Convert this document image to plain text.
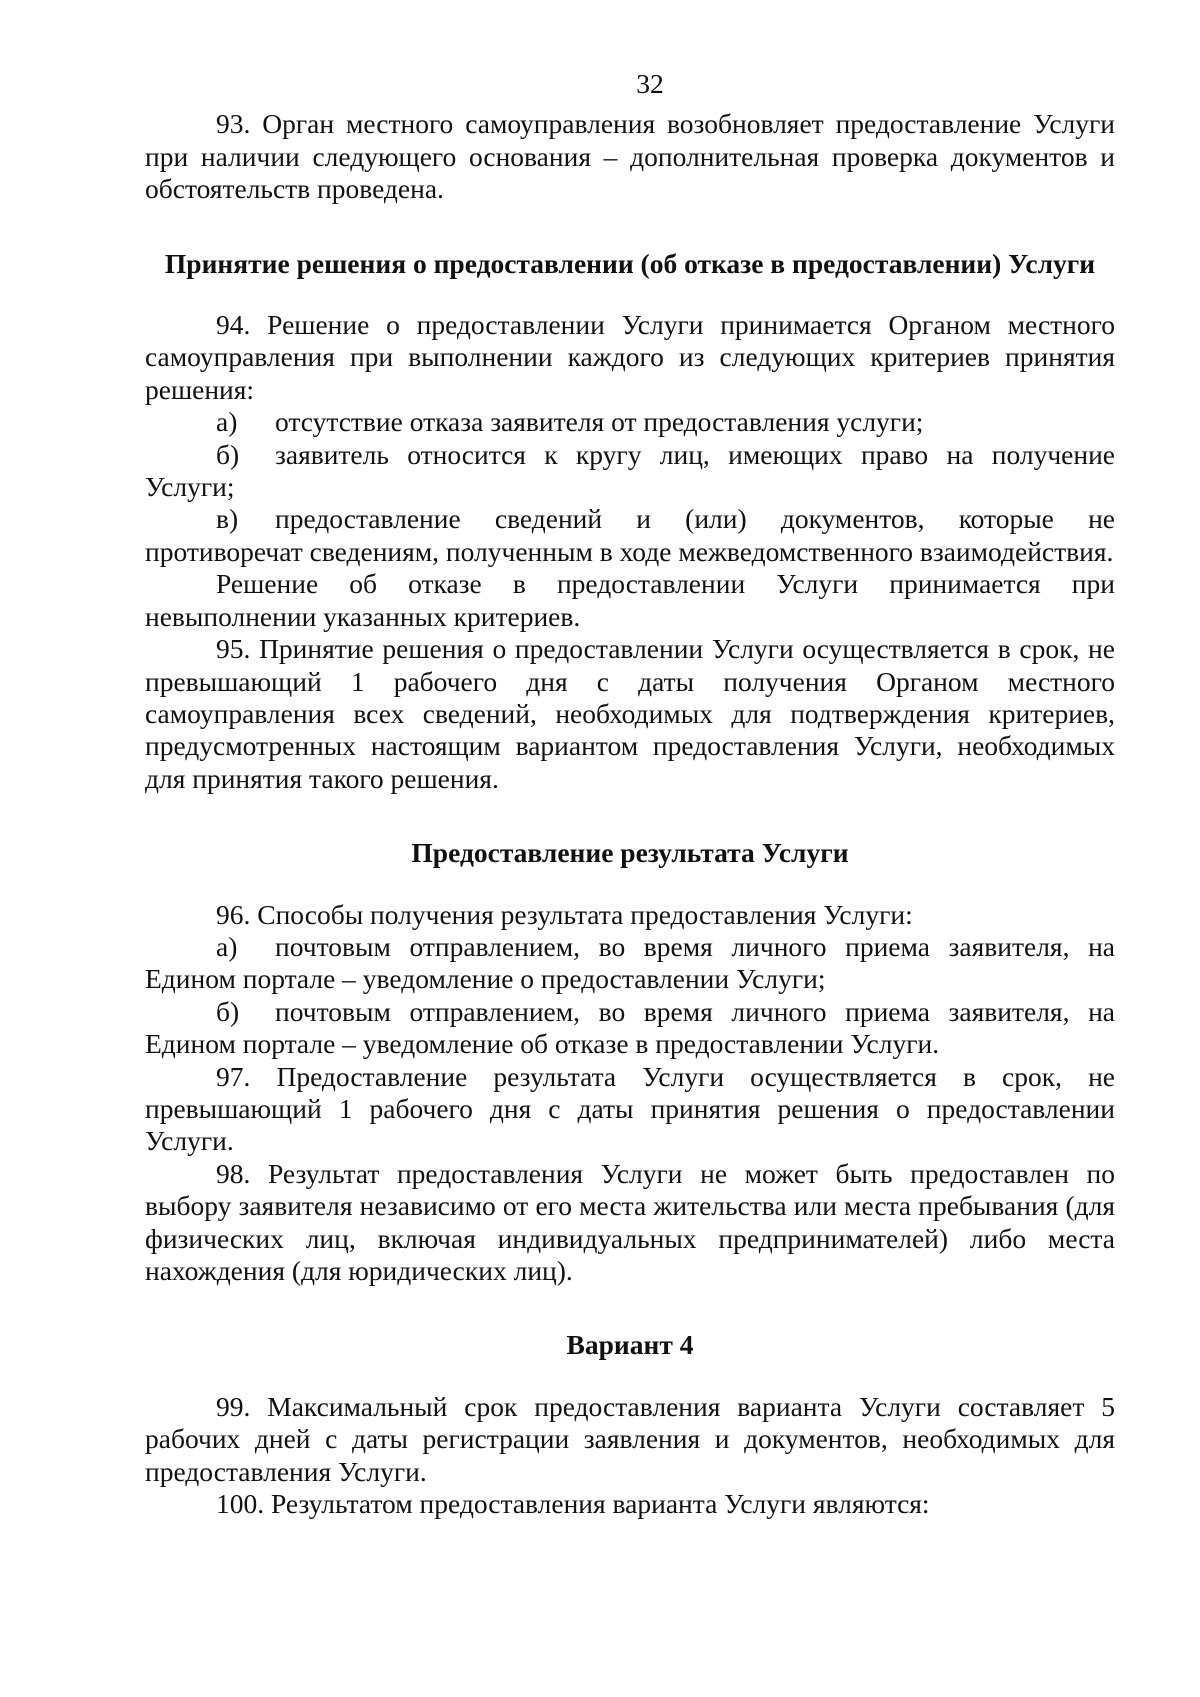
32

93. Орган местного самоуправления возобновляет предоставление Услуги при наличии следующего основания – дополнительная проверка документов и обстоятельств проведена.

Принятие решения о предоставлении (об отказе в предоставлении) Услуги

94. Решение о предоставлении Услуги принимается Органом местного самоуправления при выполнении каждого из следующих критериев принятия решения:

а) отсутствие отказа заявителя от предоставления услуги;

б) заявитель относится к кругу лиц, имеющих право на получение Услуги;

в) предоставление сведений и (или) документов, которые не противоречат сведениям, полученным в ходе межведомственного взаимодействия.

Решение об отказе в предоставлении Услуги принимается при невыполнении указанных критериев.

95. Принятие решения о предоставлении Услуги осуществляется в срок, не превышающий 1 рабочего дня с даты получения Органом местного самоуправления всех сведений, необходимых для подтверждения критериев, предусмотренных настоящим вариантом предоставления Услуги, необходимых для принятия такого решения.

Предоставление результата Услуги

96. Способы получения результата предоставления Услуги:

а) почтовым отправлением, во время личного приема заявителя, на Едином портале – уведомление о предоставлении Услуги;

б) почтовым отправлением, во время личного приема заявителя, на Едином портале – уведомление об отказе в предоставлении Услуги.

97. Предоставление результата Услуги осуществляется в срок, не превышающий 1 рабочего дня с даты принятия решения о предоставлении Услуги.

98. Результат предоставления Услуги не может быть предоставлен по выбору заявителя независимо от его места жительства или места пребывания (для физических лиц, включая индивидуальных предпринимателей) либо места нахождения (для юридических лиц).

Вариант 4

99. Максимальный срок предоставления варианта Услуги составляет 5 рабочих дней с даты регистрации заявления и документов, необходимых для предоставления Услуги.

100. Результатом предоставления варианта Услуги являются:
